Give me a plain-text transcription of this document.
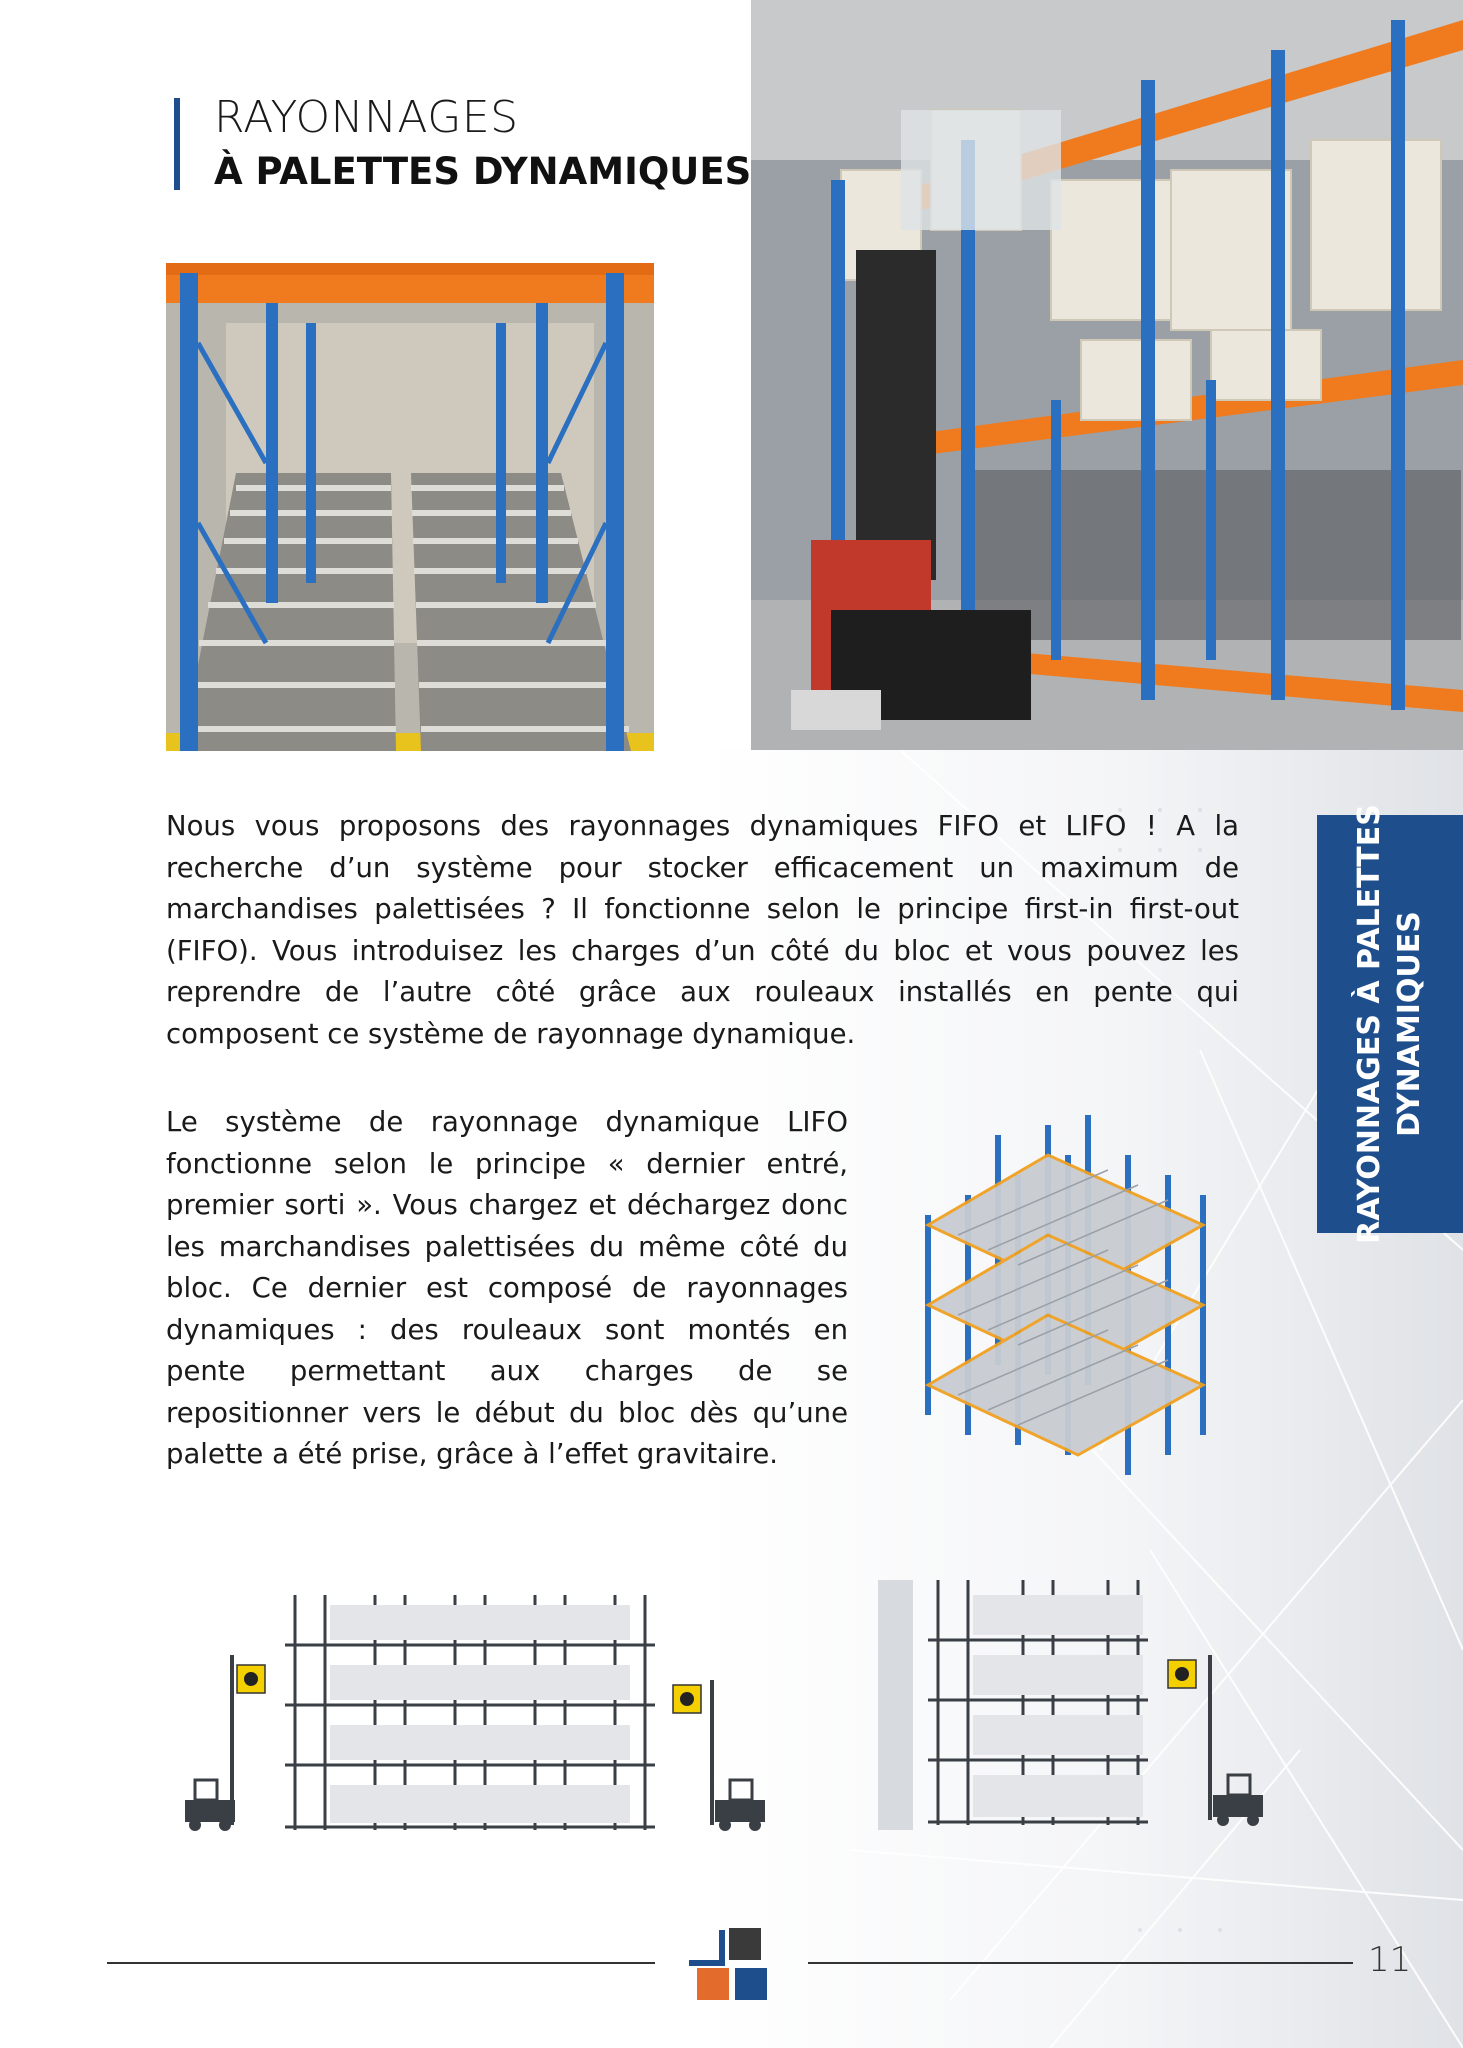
RAYONNAGES
À PALETTES DYNAMIQUES
RAYONNAGES À PALETTES DYNAMIQUES
Nous vous proposons des rayonnages dynamiques FIFO et LIFO ! A la recherche d’un système pour stocker efficacement un maximum de marchandises palettisées ? Il fonctionne selon le principe first-in first-out (FIFO). Vous introduisez les charges d’un côté du bloc et vous pouvez les reprendre de l’autre côté grâce aux rouleaux installés en pente qui composent ce système de rayonnage dynamique.
Le système de rayonnage dynamique LIFO fonctionne selon le principe « dernier entré, premier sorti ». Vous chargez et déchargez donc les marchandises palettisées du même côté du bloc. Ce dernier est composé de rayonnages dynamiques : des rouleaux sont montés en pente permettant aux charges de se repositionner vers le début du bloc dès qu’une palette a été prise, grâce à l’effet gravitaire.
11
